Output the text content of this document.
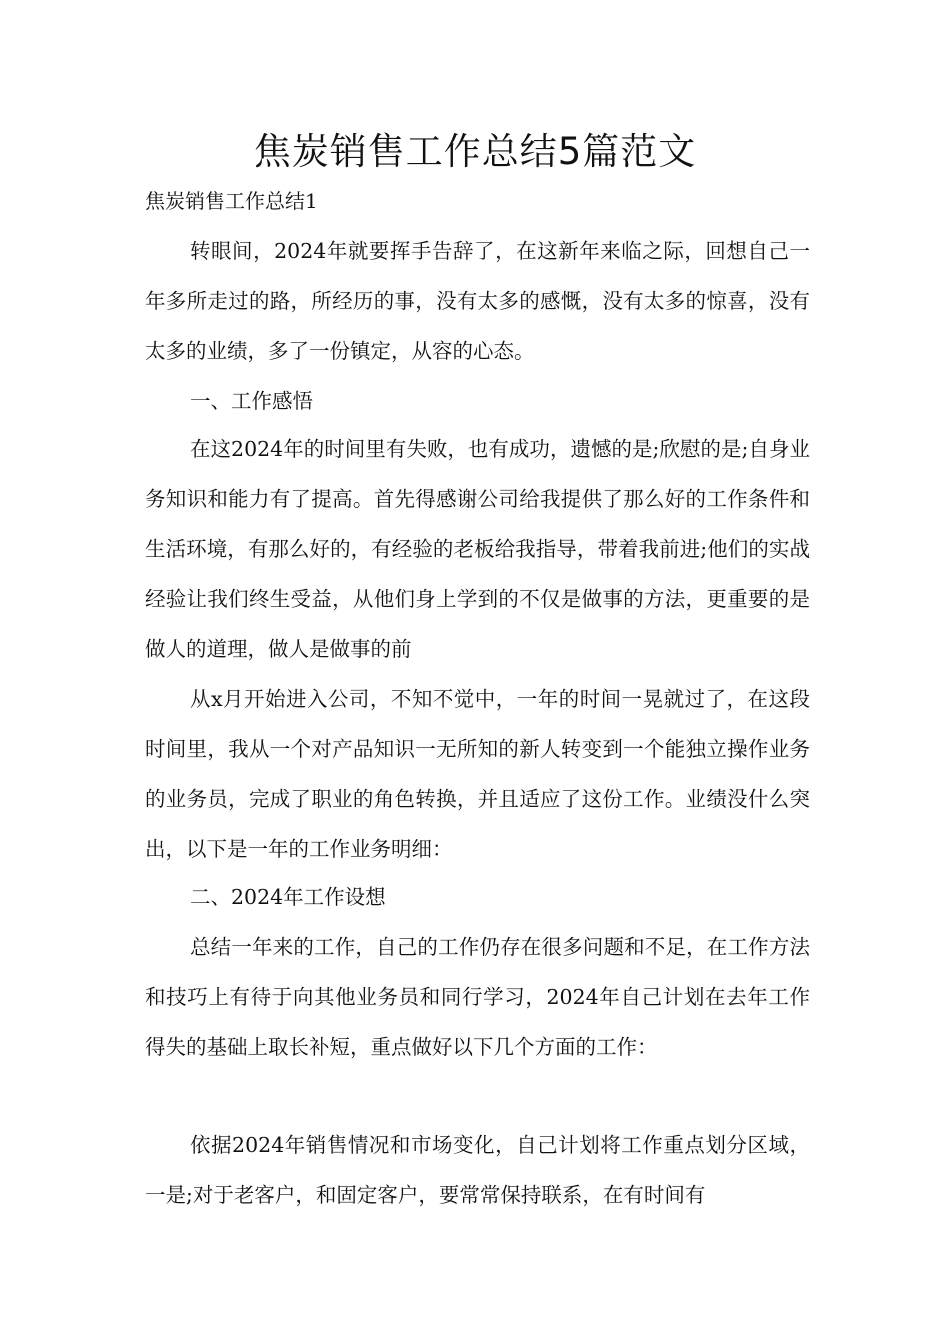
焦炭销售工作总结5篇范文

焦炭销售工作总结1

转眼间，2024年就要挥手告辞了，在这新年来临之际，回想自己一年多所走过的路，所经历的事，没有太多的感慨，没有太多的惊喜，没有太多的业绩，多了一份镇定，从容的心态。

一、工作感悟

在这2024年的时间里有失败，也有成功，遗憾的是;欣慰的是;自身业务知识和能力有了提高。首先得感谢公司给我提供了那么好的工作条件和生活环境，有那么好的，有经验的老板给我指导，带着我前进;他们的实战经验让我们终生受益，从他们身上学到的不仅是做事的方法，更重要的是做人的道理，做人是做事的前

从x月开始进入公司，不知不觉中，一年的时间一晃就过了，在这段时间里，我从一个对产品知识一无所知的新人转变到一个能独立操作业务的业务员，完成了职业的角色转换，并且适应了这份工作。业绩没什么突出，以下是一年的工作业务明细：

二、2024年工作设想

总结一年来的工作，自己的工作仍存在很多问题和不足，在工作方法和技巧上有待于向其他业务员和同行学习，2024年自己计划在去年工作得失的基础上取长补短，重点做好以下几个方面的工作：

依据2024年销售情况和市场变化，自己计划将工作重点划分区域，一是;对于老客户，和固定客户，要常常保持联系，在有时间有
